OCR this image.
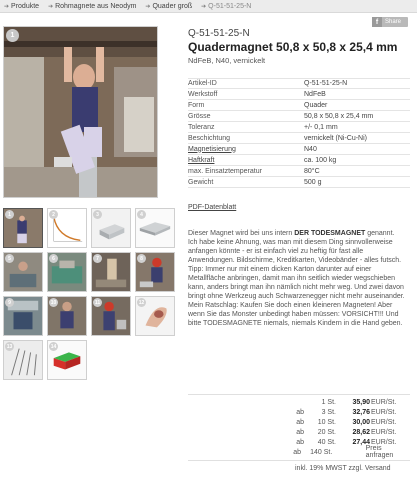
➔ Produkte ➔ Rohmagnete aus Neodym ➔ Quader groß ➔ Q-51-51-25-N
f	Share
1	Q-51-51-25-N
Quadermagnet 50,8 x 50,8 x 25,4 mm
NdFeB, N40, vernickelt
Artikel-ID	Q-51-51-25-N
Werkstoff	NdFeB
Form	Quader
Grösse	50,8 x 50,8 x 25,4 mm
Toleranz	+/- 0,1 mm
Beschichtung	vernickelt (Ni-Cu-Ni)
Magnetisierung	N40
Haftkraft	ca. 100 kg
max. Einsatztemperatur	80°C
Gewicht	500 g
PDF-Datenblatt
1	2	3	4
5	6	7	8
9	10	11	12
13	14
Dieser Magnet wird bei uns intern DER TODESMAGNET genannt.
Ich habe keine Ahnung, was man mit diesem Ding sinnvollerweise anfangen könnte - er ist einfach viel zu heftig für fast alle Anwendungen. Bildschirme, Kreditkarten, Videobänder - alles futsch. Tipp: Immer nur mit einem dicken Karton darunter auf einer Metallfläche anbringen, damit man ihn seitlich wieder wegschieben kann, anders bringt man ihn nämlich nicht mehr weg. Und zwei davon bringt ohne Werkzeug auch Schwarzenegger nicht mehr auseinander. Mein Ratschlag: Kaufen Sie doch einen kleineren Magneten! Aber wenn Sie das Monster unbedingt haben müssen: VORSICHT!!! Und bitte TODESMAGNETE niemals, niemals Kindern in die Hand geben.
1 St.	35,90 EUR/St.
ab	3 St.	32,76 EUR/St.
ab	10 St.	30,00 EUR/St.
ab	20 St.	28,62 EUR/St.
ab	40 St.	27,44 EUR/St.
ab	140 St.	Preis anfragen
inkl. 19% MWST zzgl. Versand
